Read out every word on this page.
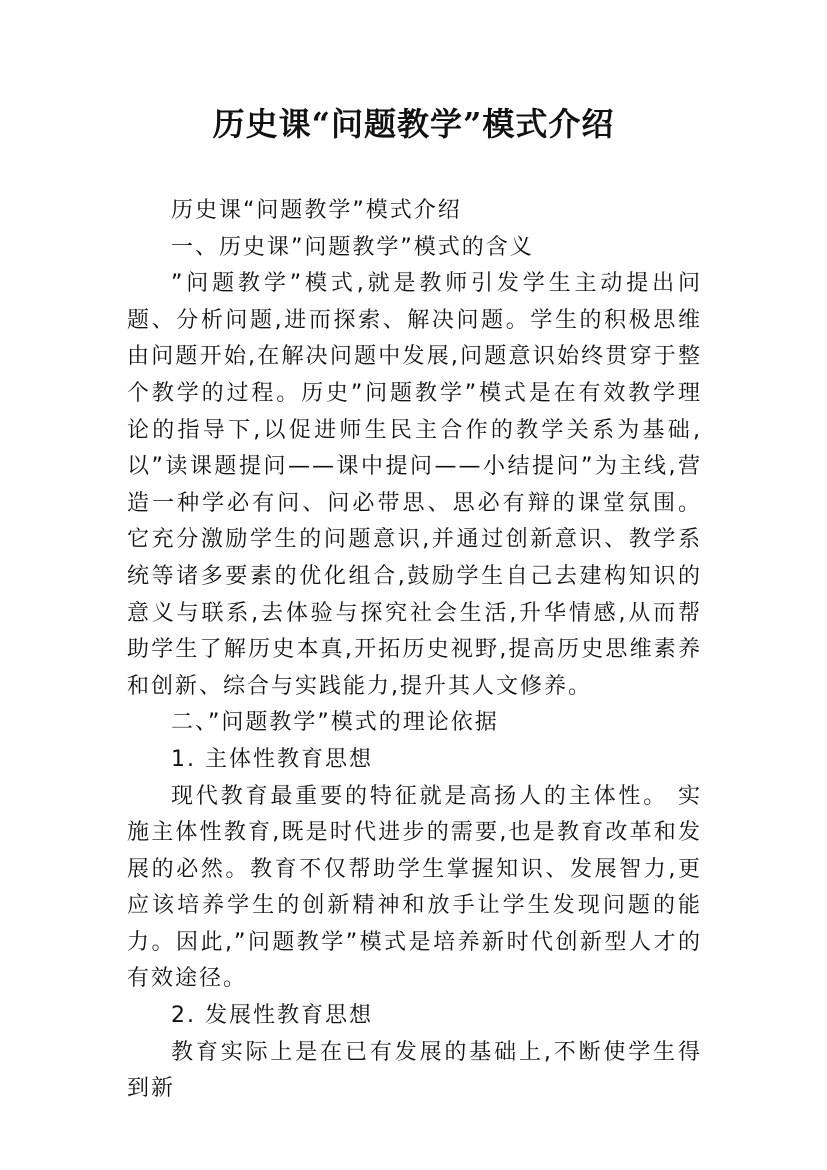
历史课“问题教学”模式介绍

历史课“问题教学”模式介绍

一、历史课”问题教学”模式的含义

”问题教学”模式,就是教师引发学生主动提出问题、分析问题,进而探索、解决问题。学生的积极思维由问题开始,在解决问题中发展,问题意识始终贯穿于整个教学的过程。历史”问题教学”模式是在有效教学理论的指导下,以促进师生民主合作的教学关系为基础,以”读课题提问——课中提问——小结提问”为主线,营造一种学必有问、问必带思、思必有辩的课堂氛围。它充分激励学生的问题意识,并通过创新意识、教学系统等诸多要素的优化组合,鼓励学生自己去建构知识的意义与联系,去体验与探究社会生活,升华情感,从而帮助学生了解历史本真,开拓历史视野,提高历史思维素养和创新、综合与实践能力,提升其人文修养。

二、”问题教学”模式的理论依据

1. 主体性教育思想

现代教育最重要的特征就是高扬人的主体性。 实施主体性教育,既是时代进步的需要,也是教育改革和发展的必然。教育不仅帮助学生掌握知识、发展智力,更应该培养学生的创新精神和放手让学生发现问题的能力。因此,”问题教学”模式是培养新时代创新型人才的有效途径。

2. 发展性教育思想

教育实际上是在已有发展的基础上,不断使学生得到新
